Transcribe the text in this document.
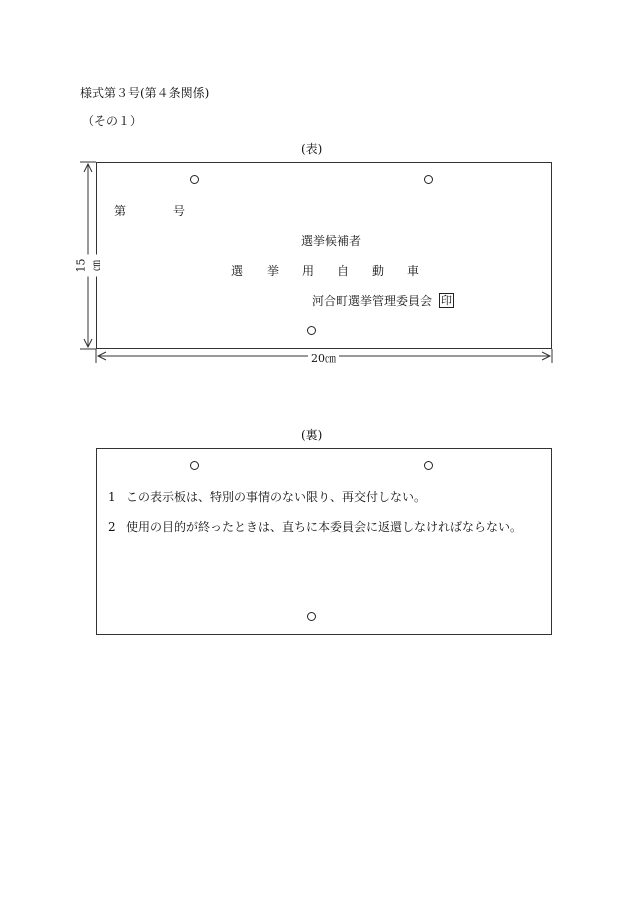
様式第３号(第４条関係)
（その１）
(表)
第	号
選挙候補者
選 挙 用 自 動 車
河合町選挙管理委員会 印
15㎝
20㎝
(裏)
1 この表示板は、特別の事情のない限り、再交付しない。
2 使用の目的が終ったときは、直ちに本委員会に返還しなければならない。
